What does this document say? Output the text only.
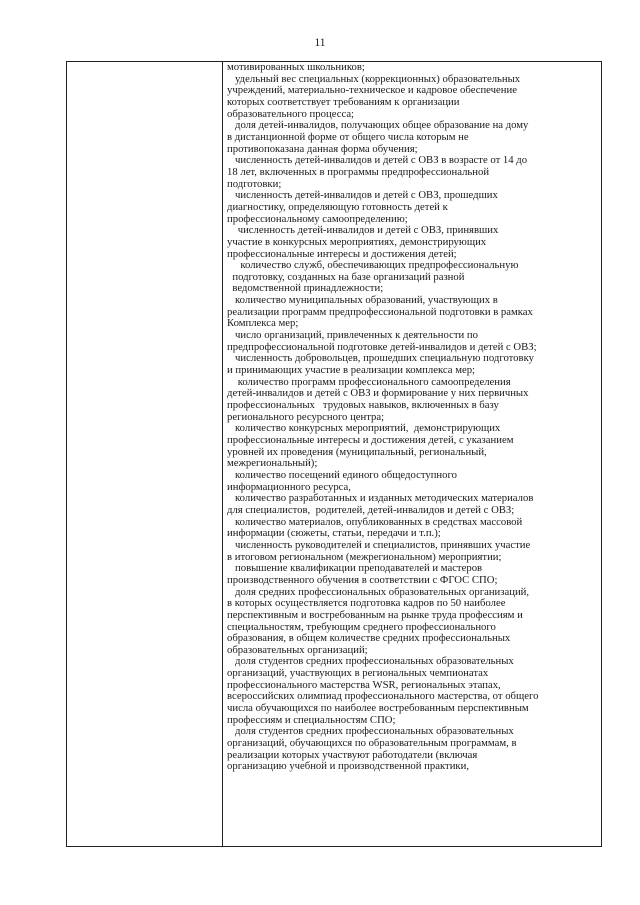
11
мотивированных школьников;
удельный вес специальных (коррекционных) образовательных
учреждений, материально-техническое и кадровое обеспечение
которых соответствует требованиям к организации
образовательного процесса;
доля детей-инвалидов, получающих общее образование на дому
в дистанционной форме от общего числа которым не
противопоказана данная форма обучения;
численность детей-инвалидов и детей с ОВЗ в возрасте от 14 до
18 лет, включенных в программы предпрофессиональной
подготовки;
численность детей-инвалидов и детей с ОВЗ, прошедших
диагностику, определяющую готовность детей к
профессиональному самоопределению;
численность детей-инвалидов и детей с ОВЗ, принявших
участие в конкурсных мероприятиях, демонстрирующих
профессиональные интересы и достижения детей;
количество служб, обеспечивающих предпрофессиональную
подготовку, созданных на базе организаций разной
ведомственной принадлежности;
количество муниципальных образований, участвующих в
реализации программ предпрофессиональной подготовки в рамках
Комплекса мер;
число организаций, привлеченных к деятельности по
предпрофессиональной подготовке детей-инвалидов и детей с ОВЗ;
численность добровольцев, прошедших специальную подготовку
и принимающих участие в реализации комплекса мер;
количество программ профессионального самоопределения
детей-инвалидов и детей с ОВЗ и формирование у них первичных
профессиональных   трудовых навыков, включенных в базу
регионального ресурсного центра;
количество конкурсных мероприятий,  демонстрирующих
профессиональные интересы и достижения детей, с указанием
уровней их проведения (муниципальный, региональный,
межрегиональный);
количество посещений единого общедоступного
информационного ресурса,
количество разработанных и изданных методических материалов
для специалистов,  родителей, детей-инвалидов и детей с ОВЗ;
количество материалов, опубликованных в средствах массовой
информации (сюжеты, статьи, передачи и т.п.);
численность руководителей и специалистов, принявших участие
в итоговом региональном (межрегиональном) мероприятии;
повышение квалификации преподавателей и мастеров
производственного обучения в соответствии с ФГОС СПО;
доля средних профессиональных образовательных организаций,
в которых осуществляется подготовка кадров по 50 наиболее
перспективным и востребованным на рынке труда профессиям и
специальностям, требующим среднего профессионального
образования, в общем количестве средних профессиональных
образовательных организаций;
доля студентов средних профессиональных образовательных
организаций, участвующих в региональных чемпионатах
профессионального мастерства WSR, региональных этапах,
всероссийских олимпиад профессионального мастерства, от общего
числа обучающихся по наиболее востребованным перспективным
профессиям и специальностям СПО;
доля студентов средних профессиональных образовательных
организаций, обучающихся по образовательным программам, в
реализации которых участвуют работодатели (включая
организацию учебной и производственной практики,
